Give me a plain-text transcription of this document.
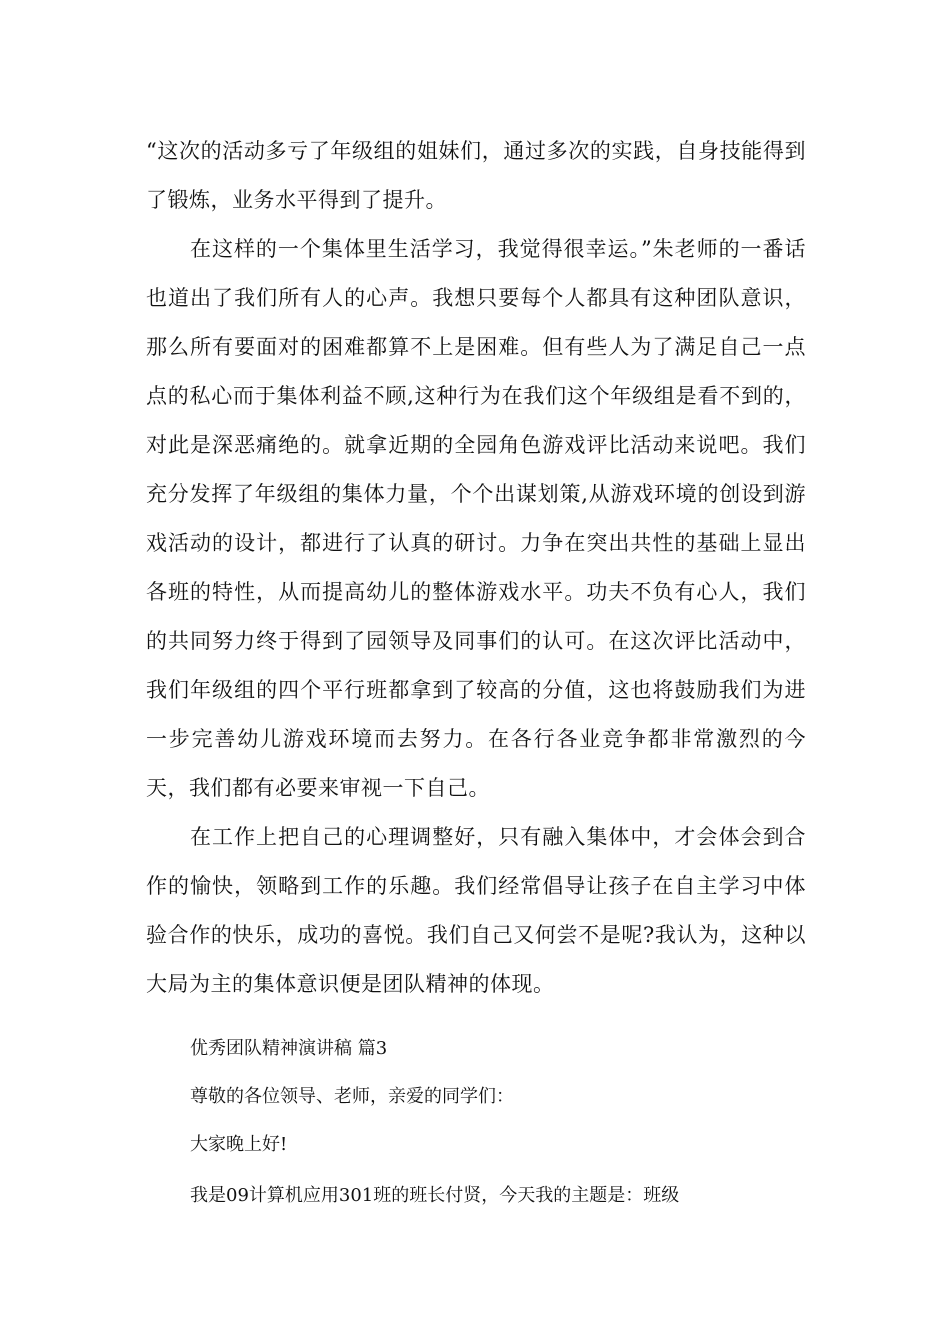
“这次的活动多亏了年级组的姐妹们，通过多次的实践，自身技能得到了锻炼，业务水平得到了提升。

在这样的一个集体里生活学习，我觉得很幸运。”朱老师的一番话也道出了我们所有人的心声。我想只要每个人都具有这种团队意识，那么所有要面对的困难都算不上是困难。但有些人为了满足自己一点点的私心而于集体利益不顾,这种行为在我们这个年级组是看不到的，对此是深恶痛绝的。就拿近期的全园角色游戏评比活动来说吧。我们充分发挥了年级组的集体力量，个个出谋划策,从游戏环境的创设到游戏活动的设计，都进行了认真的研讨。力争在突出共性的基础上显出各班的特性，从而提高幼儿的整体游戏水平。功夫不负有心人，我们的共同努力终于得到了园领导及同事们的认可。在这次评比活动中，我们年级组的四个平行班都拿到了较高的分值，这也将鼓励我们为进一步完善幼儿游戏环境而去努力。在各行各业竞争都非常激烈的今天，我们都有必要来审视一下自己。

在工作上把自己的心理调整好，只有融入集体中，才会体会到合作的愉快，领略到工作的乐趣。我们经常倡导让孩子在自主学习中体验合作的快乐，成功的喜悦。我们自己又何尝不是呢?我认为，这种以大局为主的集体意识便是团队精神的体现。

优秀团队精神演讲稿 篇3

尊敬的各位领导、老师，亲爱的同学们：

大家晚上好!

我是09计算机应用301班的班长付贤，今天我的主题是：班级
